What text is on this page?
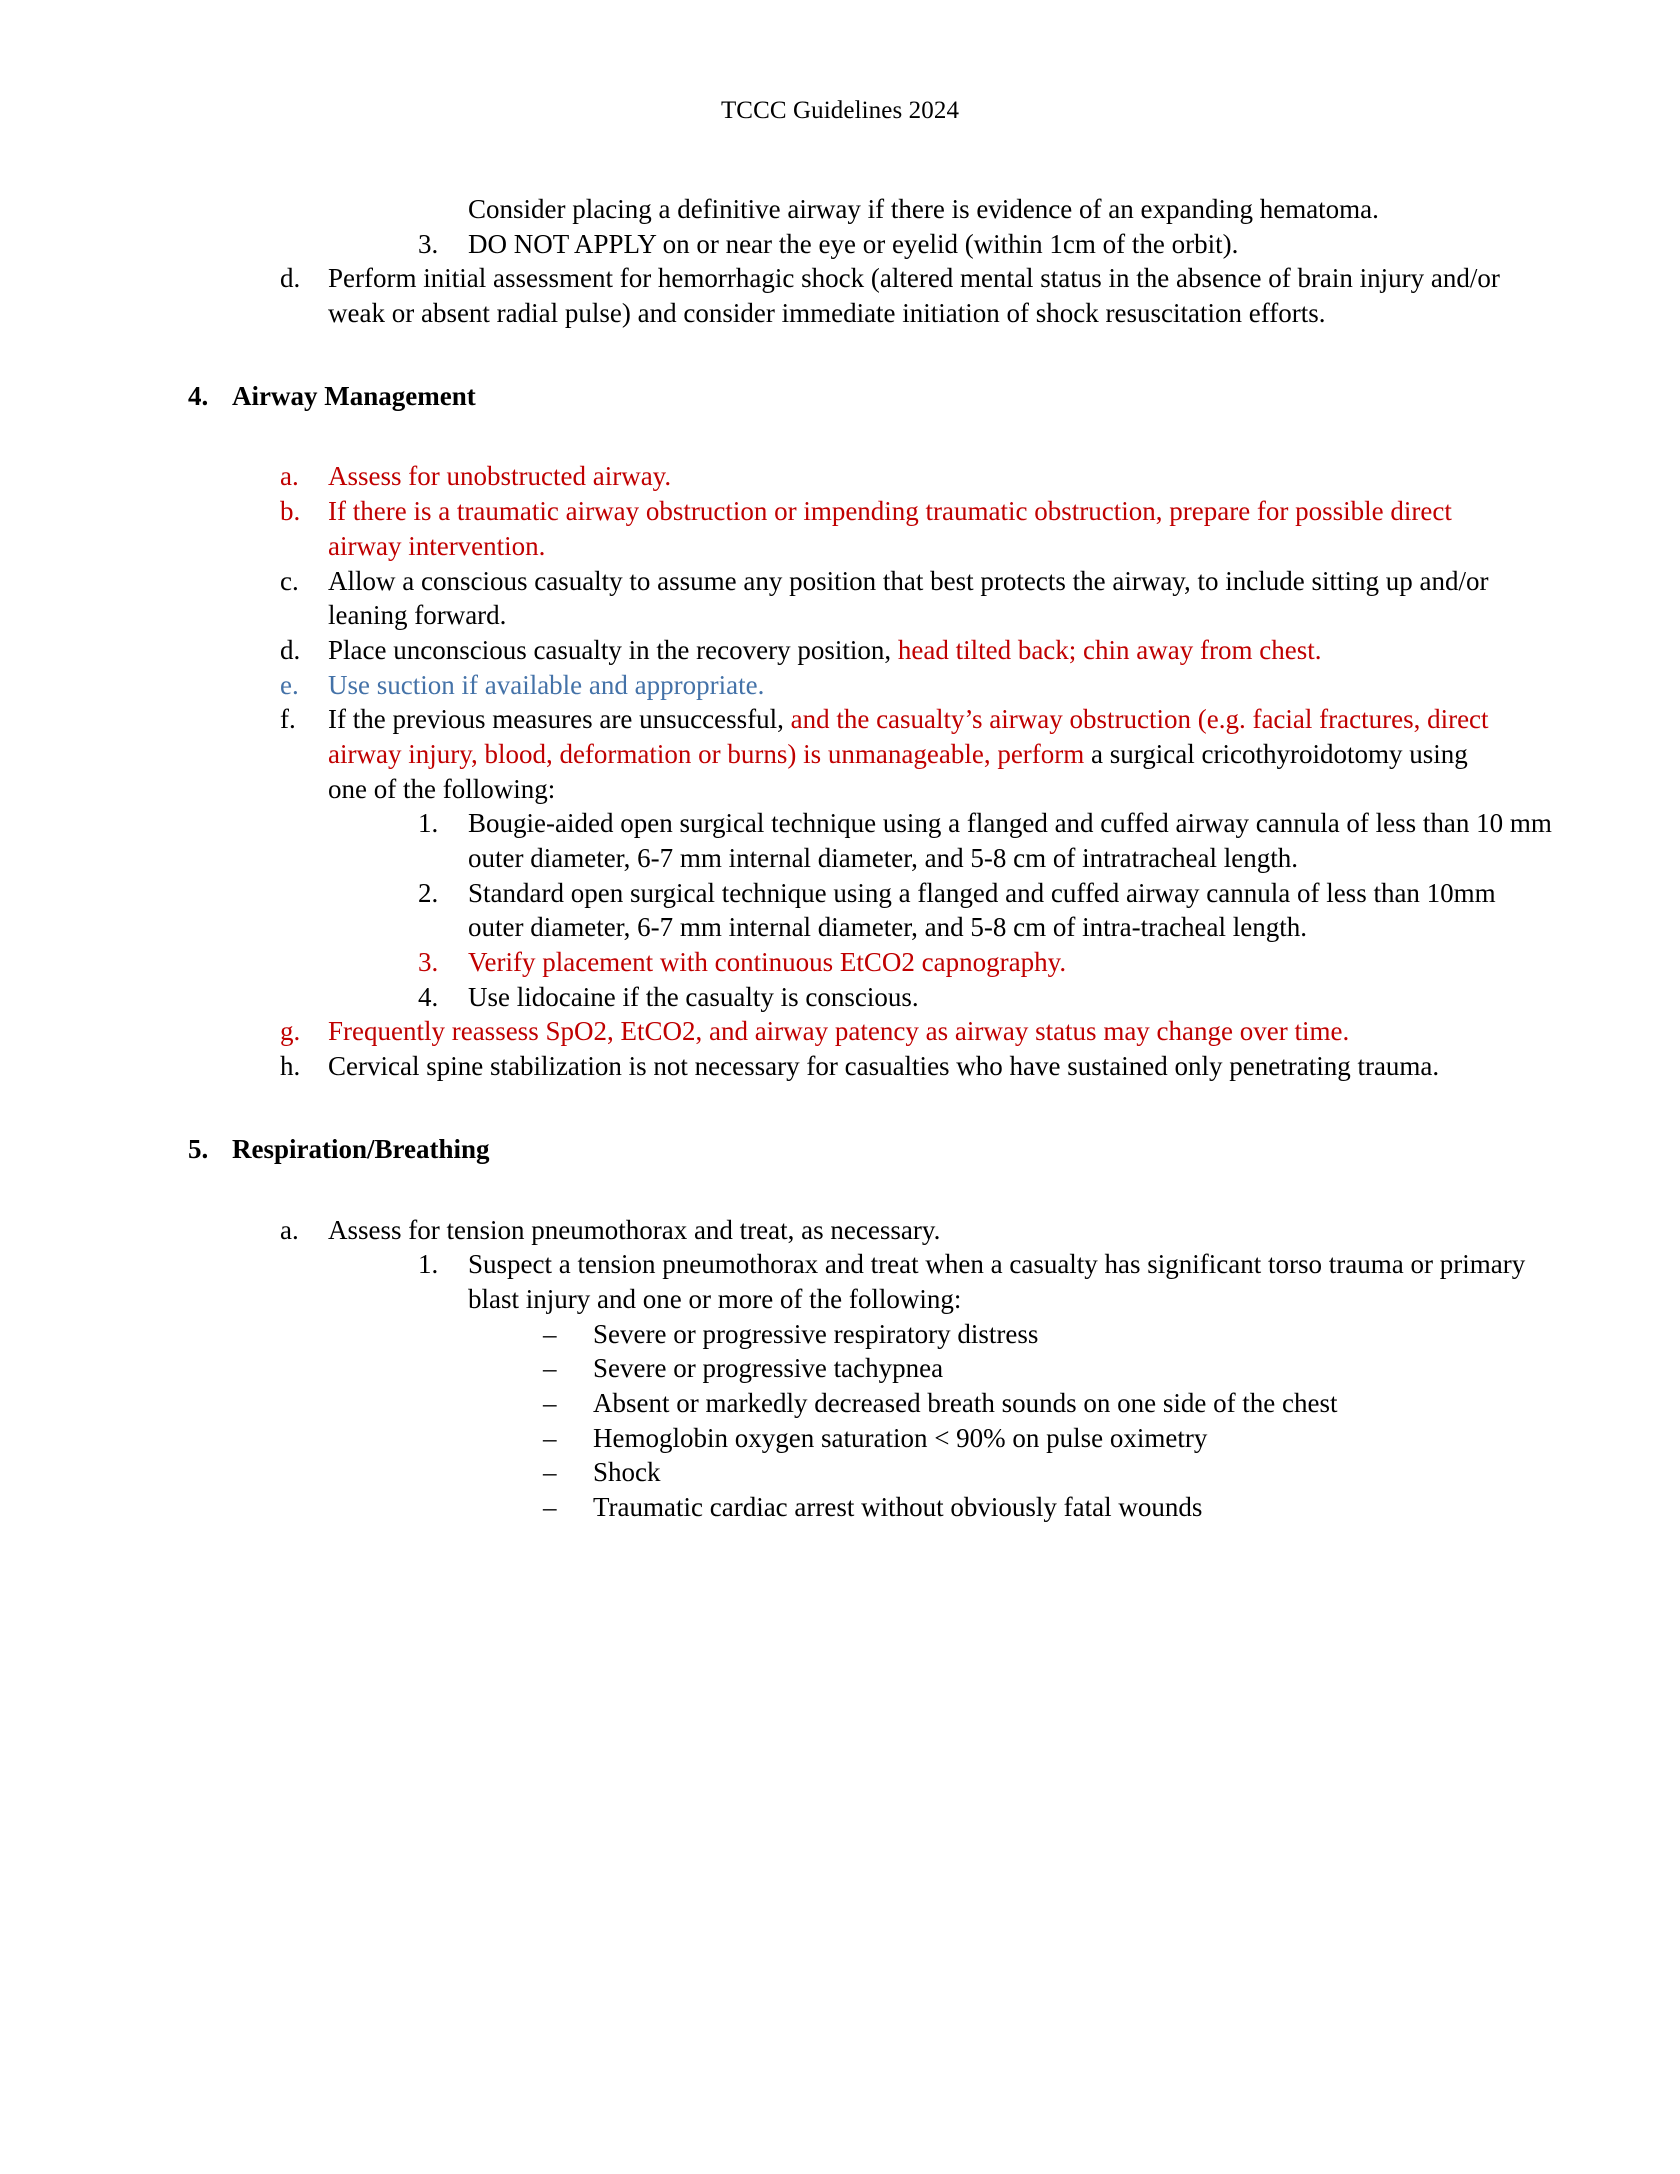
TCCC Guidelines 2024
Consider placing a definitive airway if there is evidence of an expanding hematoma.
3.	DO NOT APPLY on or near the eye or eyelid (within 1cm of the orbit).
d.	Perform initial assessment for hemorrhagic shock (altered mental status in the absence of brain injury and/or weak or absent radial pulse) and consider immediate initiation of shock resuscitation efforts.
4. Airway Management
a.	Assess for unobstructed airway.
b.	If there is a traumatic airway obstruction or impending traumatic obstruction, prepare for possible direct airway intervention.
c.	Allow a conscious casualty to assume any position that best protects the airway, to include sitting up and/or leaning forward.
d.	Place unconscious casualty in the recovery position, head tilted back; chin away from chest.
e.	Use suction if available and appropriate.
f.	If the previous measures are unsuccessful, and the casualty’s airway obstruction (e.g. facial fractures, direct airway injury, blood, deformation or burns) is unmanageable, perform a surgical cricothyroidotomy using one of the following:
1.	Bougie-aided open surgical technique using a flanged and cuffed airway cannula of less than 10 mm outer diameter, 6-7 mm internal diameter, and 5-8 cm of intratracheal length.
2.	Standard open surgical technique using a flanged and cuffed airway cannula of less than 10mm outer diameter, 6-7 mm internal diameter, and 5-8 cm of intra-tracheal length.
3.	Verify placement with continuous EtCO2 capnography.
4.	Use lidocaine if the casualty is conscious.
g.	Frequently reassess SpO2, EtCO2, and airway patency as airway status may change over time.
h.	Cervical spine stabilization is not necessary for casualties who have sustained only penetrating trauma.
5. Respiration/Breathing
a.	Assess for tension pneumothorax and treat, as necessary.
1.	Suspect a tension pneumothorax and treat when a casualty has significant torso trauma or primary blast injury and one or more of the following:
–	Severe or progressive respiratory distress
–	Severe or progressive tachypnea
–	Absent or markedly decreased breath sounds on one side of the chest
–	Hemoglobin oxygen saturation < 90% on pulse oximetry
–	Shock
–	Traumatic cardiac arrest without obviously fatal wounds
